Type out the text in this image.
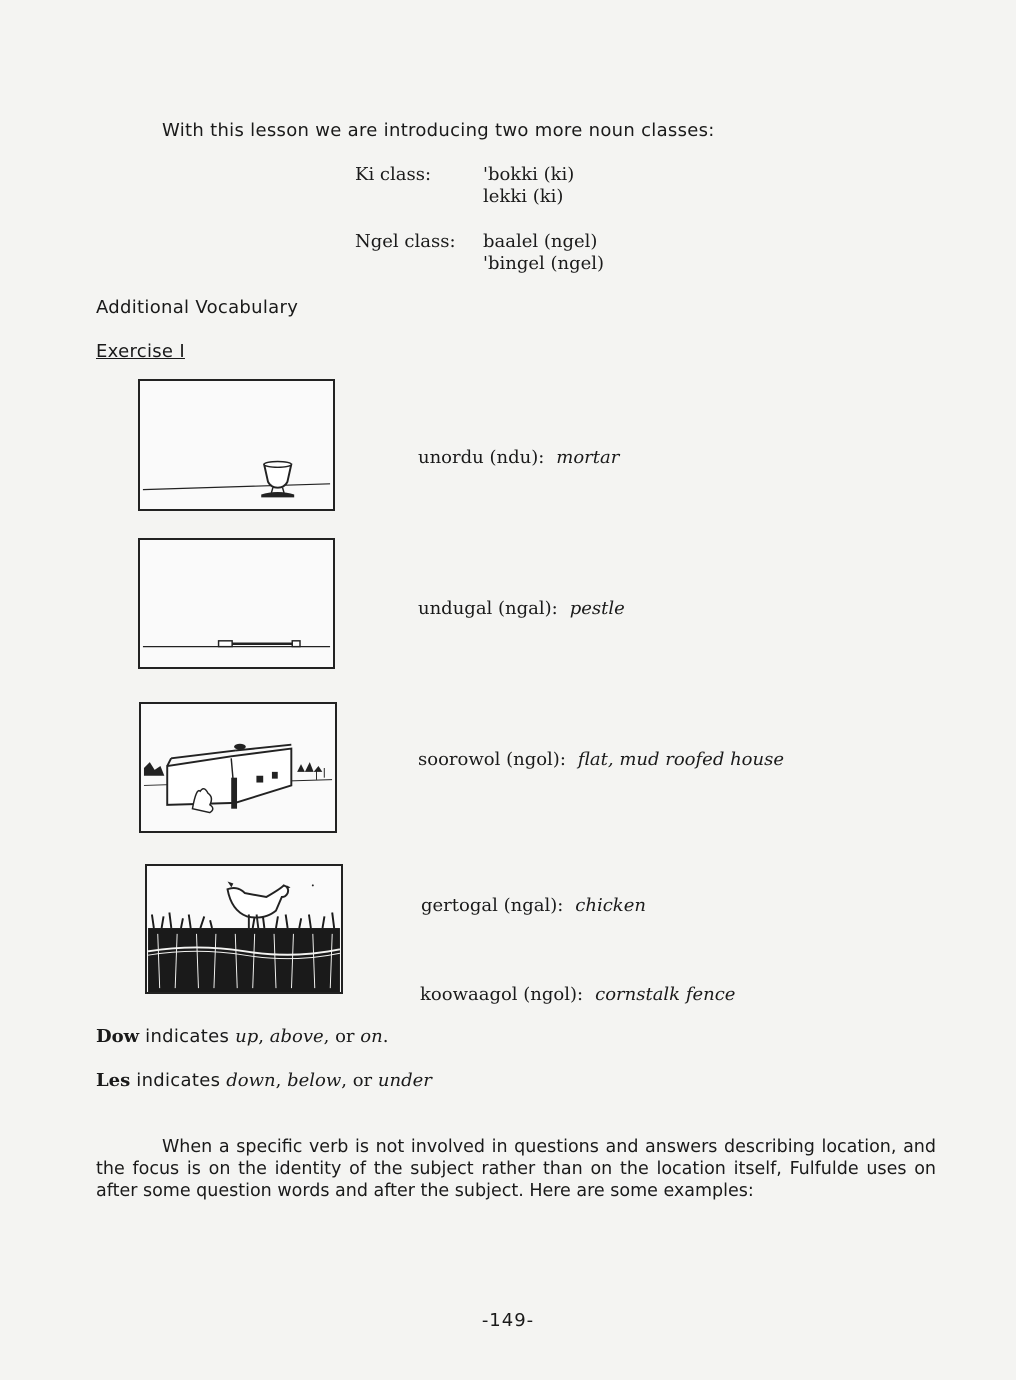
With this lesson we are introducing two more noun classes:
Ki class:	'bokki (ki)
lekki (ki)
Ngel class: baalel (ngel)
'bingel (ngel)
Additional Vocabulary
Exercise I
unordu (ndu): mortar
undugal (ngal): pestle
soorowol (ngol): flat, mud roofed house
gertogal (ngal): chicken
koowaagol (ngol): cornstalk fence
Dow indicates up, above, or on.
Les indicates down, below, or under
When a specific verb is not involved in questions and answers describing location, and the focus is on the identity of the subject rather than on the location itself, Fulfulde uses on after some question words and after the subject. Here are some examples:
-149-
